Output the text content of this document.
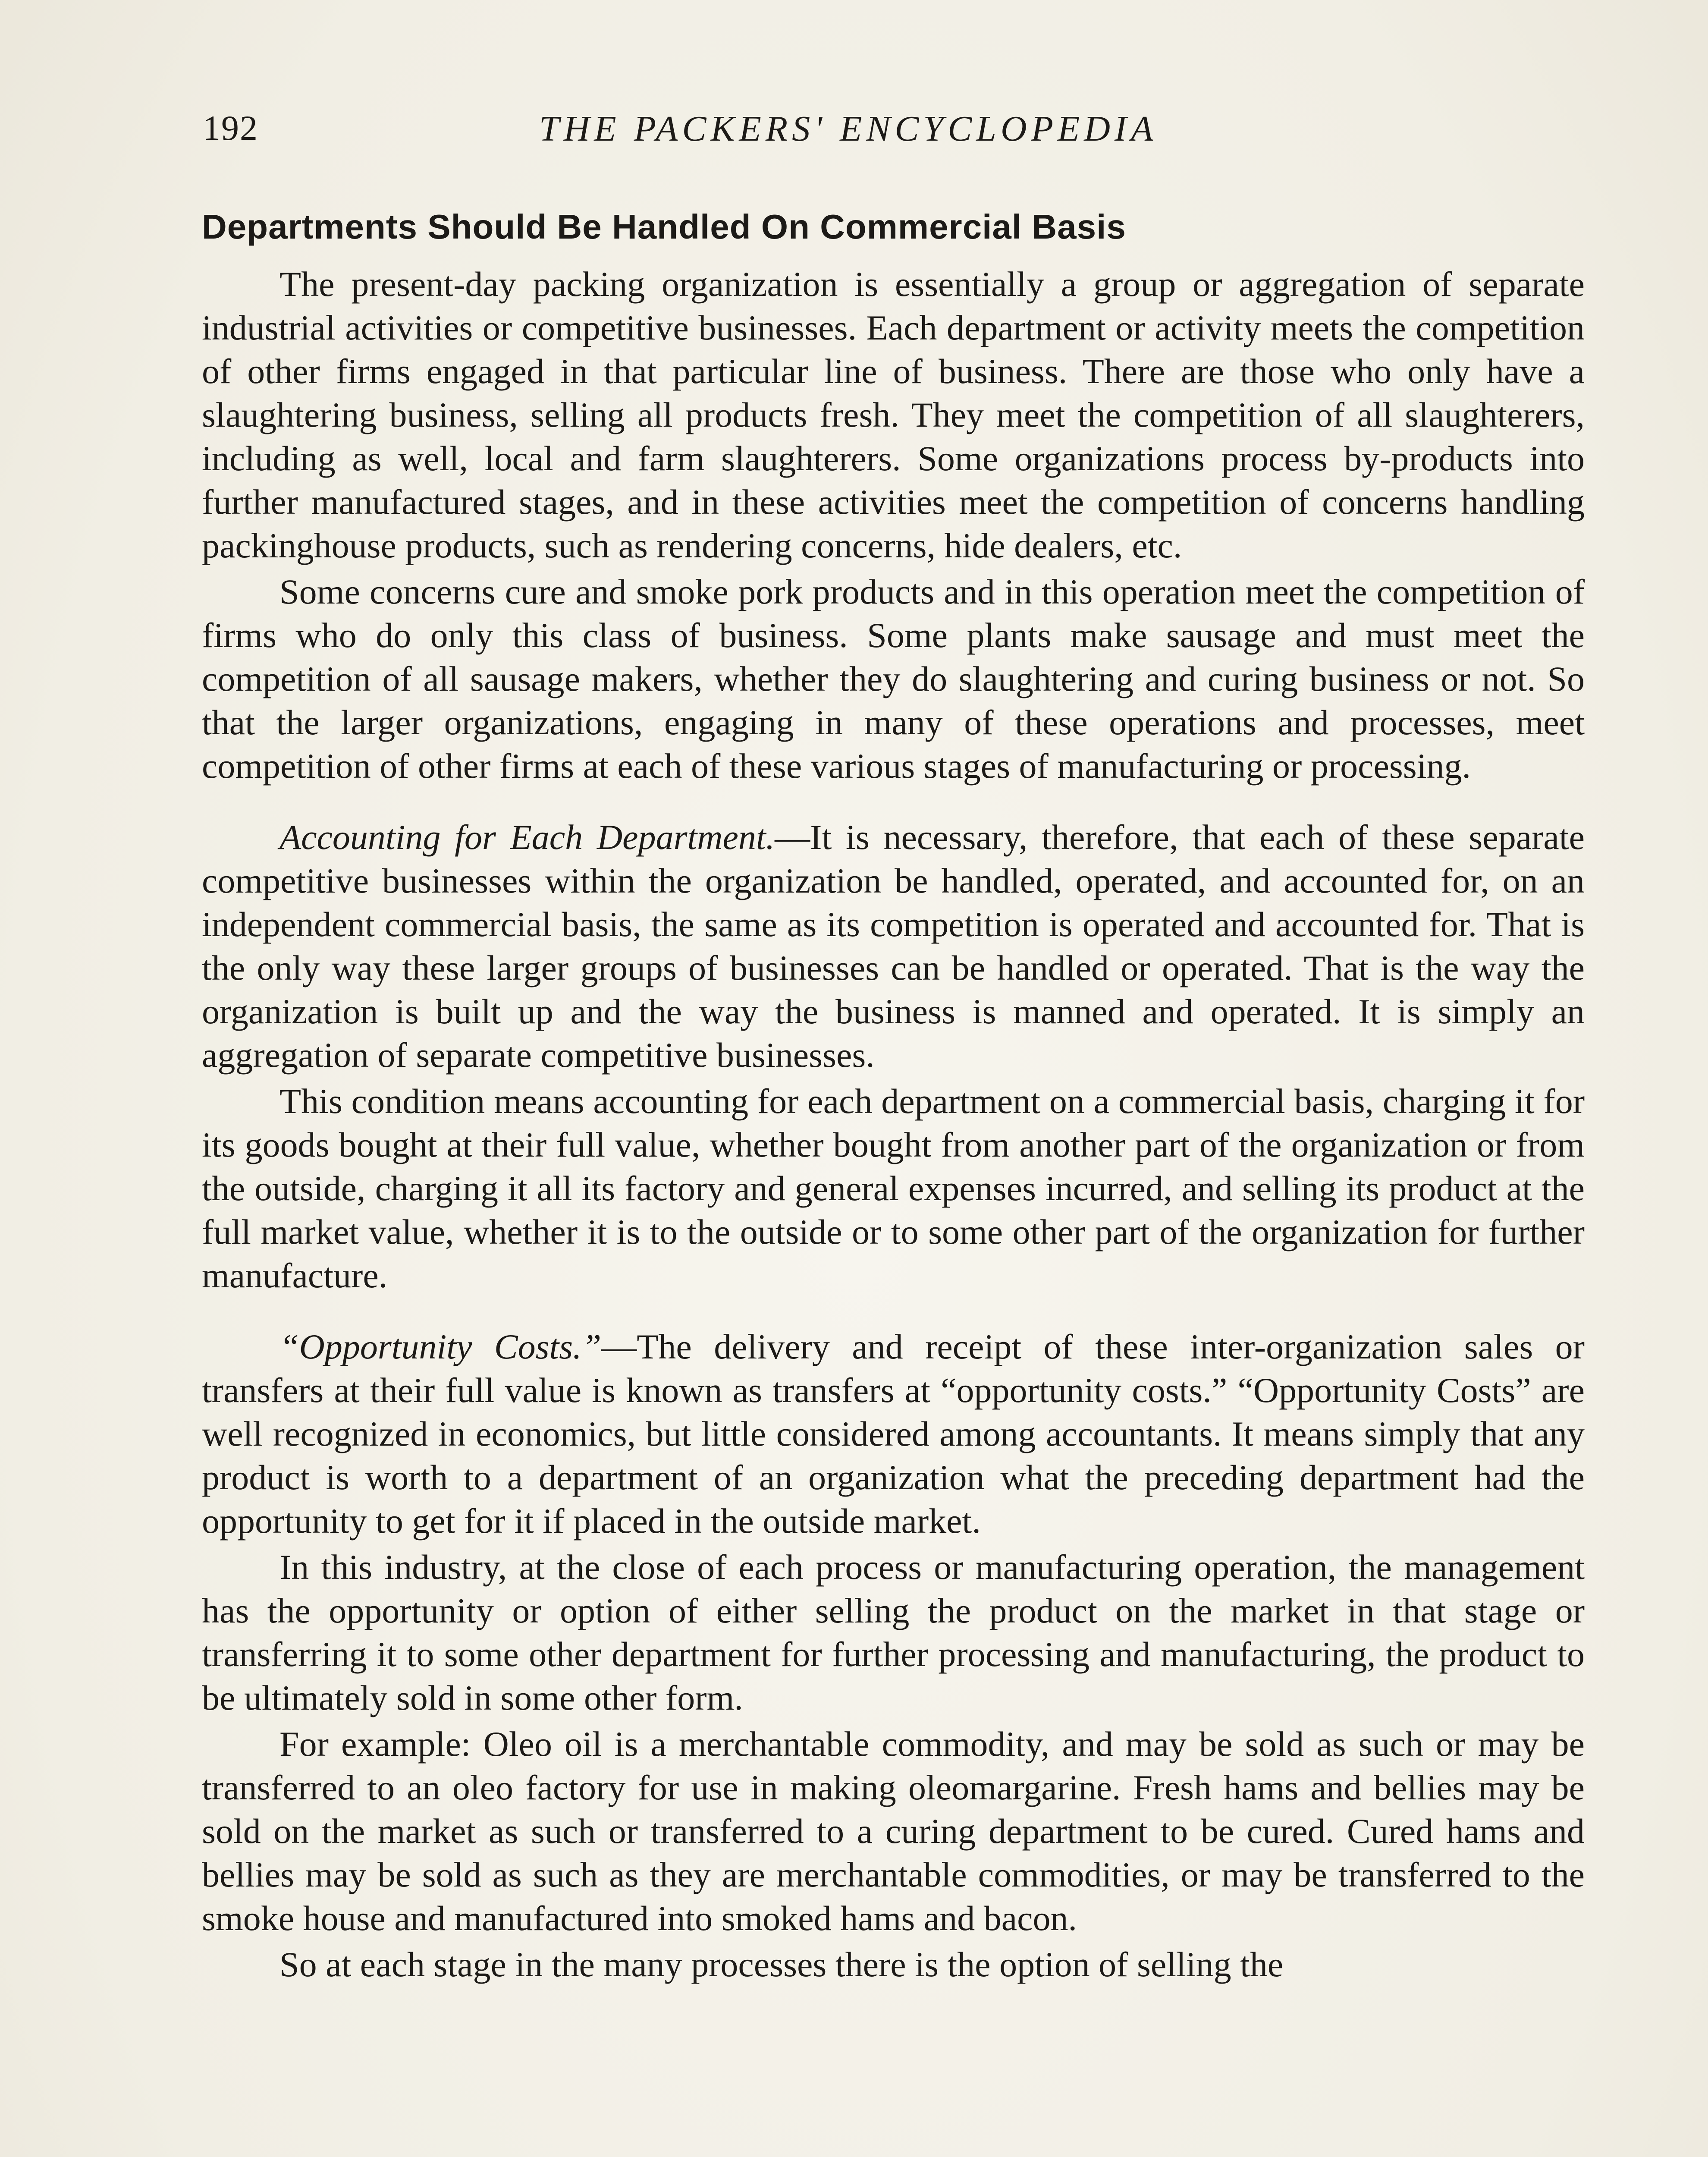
192	THE PACKERS' ENCYCLOPEDIA
Departments Should Be Handled On Commercial Basis

The present-day packing organization is essentially a group or aggregation of separate industrial activities or competitive businesses. Each department or activity meets the competition of other firms engaged in that particular line of business. There are those who only have a slaughtering business, selling all products fresh. They meet the competition of all slaughterers, including as well, local and farm slaughterers. Some organizations process by-products into further manufactured stages, and in these activities meet the competition of concerns handling packinghouse products, such as rendering concerns, hide dealers, etc.

Some concerns cure and smoke pork products and in this operation meet the competition of firms who do only this class of business. Some plants make sausage and must meet the competition of all sausage makers, whether they do slaughtering and curing business or not. So that the larger organizations, engaging in many of these operations and processes, meet competition of other firms at each of these various stages of manufacturing or processing.

Accounting for Each Department.—It is necessary, therefore, that each of these separate competitive businesses within the organization be handled, operated, and accounted for, on an independent commercial basis, the same as its competition is operated and accounted for. That is the only way these larger groups of businesses can be handled or operated. That is the way the organization is built up and the way the business is manned and operated. It is simply an aggregation of separate competitive businesses.

This condition means accounting for each department on a commercial basis, charging it for its goods bought at their full value, whether bought from another part of the organization or from the outside, charging it all its factory and general expenses incurred, and selling its product at the full market value, whether it is to the outside or to some other part of the organization for further manufacture.

“Opportunity Costs.”—The delivery and receipt of these inter-organization sales or transfers at their full value is known as transfers at “opportunity costs.” “Opportunity Costs” are well recognized in economics, but little considered among accountants. It means simply that any product is worth to a department of an organization what the preceding department had the opportunity to get for it if placed in the outside market.

In this industry, at the close of each process or manufacturing operation, the management has the opportunity or option of either selling the product on the market in that stage or transferring it to some other department for further processing and manufacturing, the product to be ultimately sold in some other form.

For example: Oleo oil is a merchantable commodity, and may be sold as such or may be transferred to an oleo factory for use in making oleomargarine. Fresh hams and bellies may be sold on the market as such or transferred to a curing department to be cured. Cured hams and bellies may be sold as such as they are merchantable commodities, or may be transferred to the smoke house and manufactured into smoked hams and bacon.

So at each stage in the many processes there is the option of selling the
